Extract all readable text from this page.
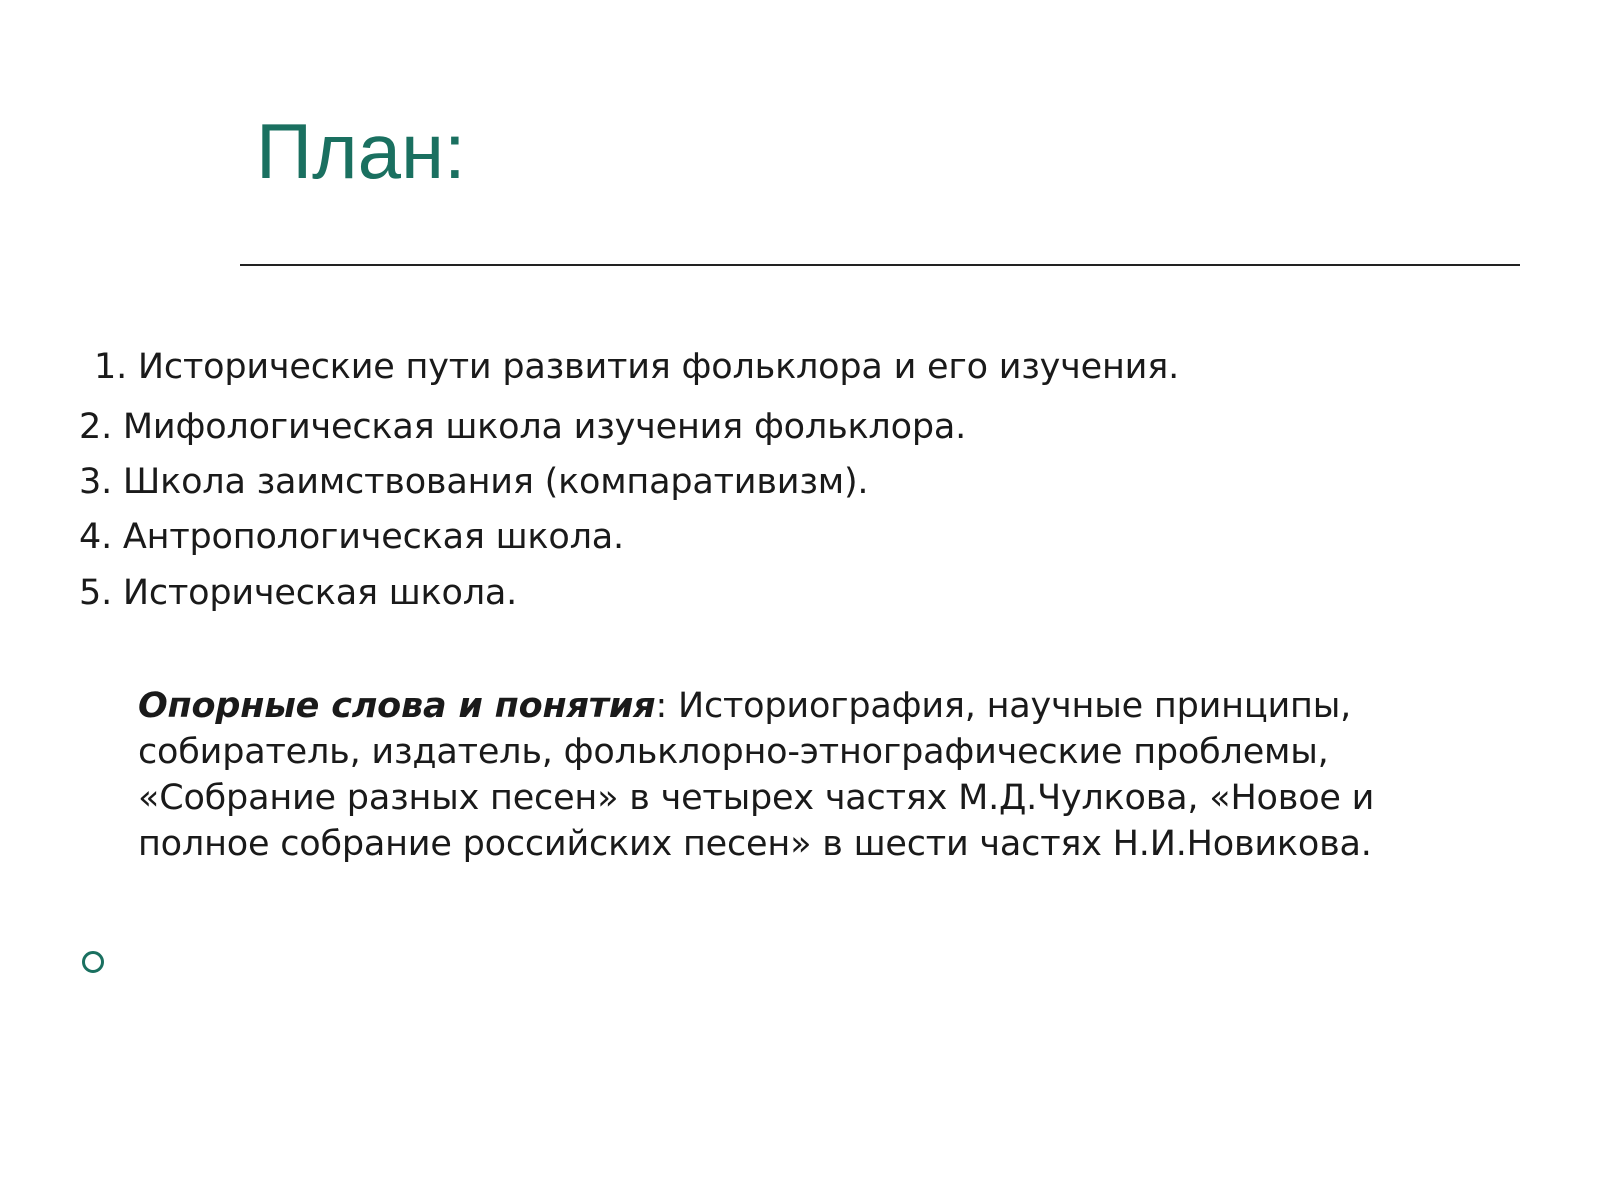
План:
1. Исторические пути развития фольклора и его изучения.
2. Мифологическая школа изучения фольклора.
3. Школа заимствования (компаративизм).
4. Антропологическая школа.
5. Историческая школа.

Опорные слова и понятия: Историография, научные принципы,
собиратель, издатель, фольклорно-этнографические проблемы,
«Собрание разных песен» в четырех частях М.Д.Чулкова, «Новое и
полное собрание российских песен» в шести частях Н.И.Новикова.
